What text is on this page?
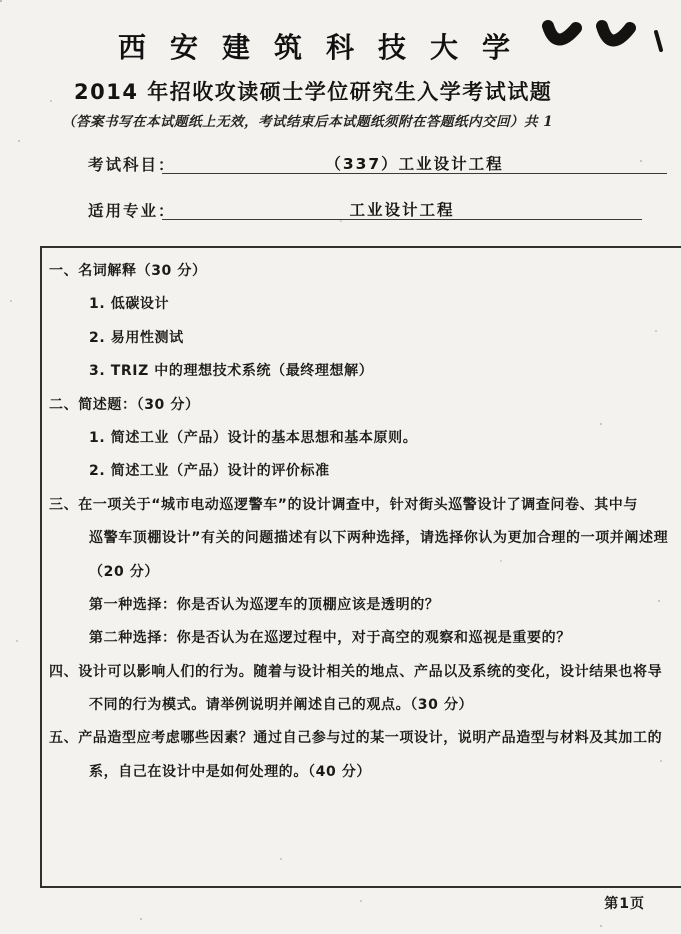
西安建筑科技大学
2014 年招收攻读硕士学位研究生入学考试试题
（答案书写在本试题纸上无效，考试结束后本试题纸须附在答题纸内交回）共 1
考试科目：	（337）工业设计工程
适用专业：	工业设计工程
一、名词解释（30 分）
1. 低碳设计
2. 易用性测试
3. TRIZ 中的理想技术系统（最终理想解）
二、简述题：（30 分）
1. 简述工业（产品）设计的基本思想和基本原则。
2. 简述工业（产品）设计的评价标准
三、在一项关于“城市电动巡逻警车”的设计调查中，针对街头巡警设计了调查问卷、其中与
巡警车顶棚设计”有关的问题描述有以下两种选择，请选择你认为更加合理的一项并阐述理
（20 分）
第一种选择：你是否认为巡逻车的顶棚应该是透明的？
第二种选择：你是否认为在巡逻过程中，对于高空的观察和巡视是重要的？
四、设计可以影响人们的行为。随着与设计相关的地点、产品以及系统的变化，设计结果也将导
不同的行为模式。请举例说明并阐述自己的观点。（30 分）
五、产品造型应考虑哪些因素？通过自己参与过的某一项设计，说明产品造型与材料及其加工的
系，自己在设计中是如何处理的。（40 分）
第1页
